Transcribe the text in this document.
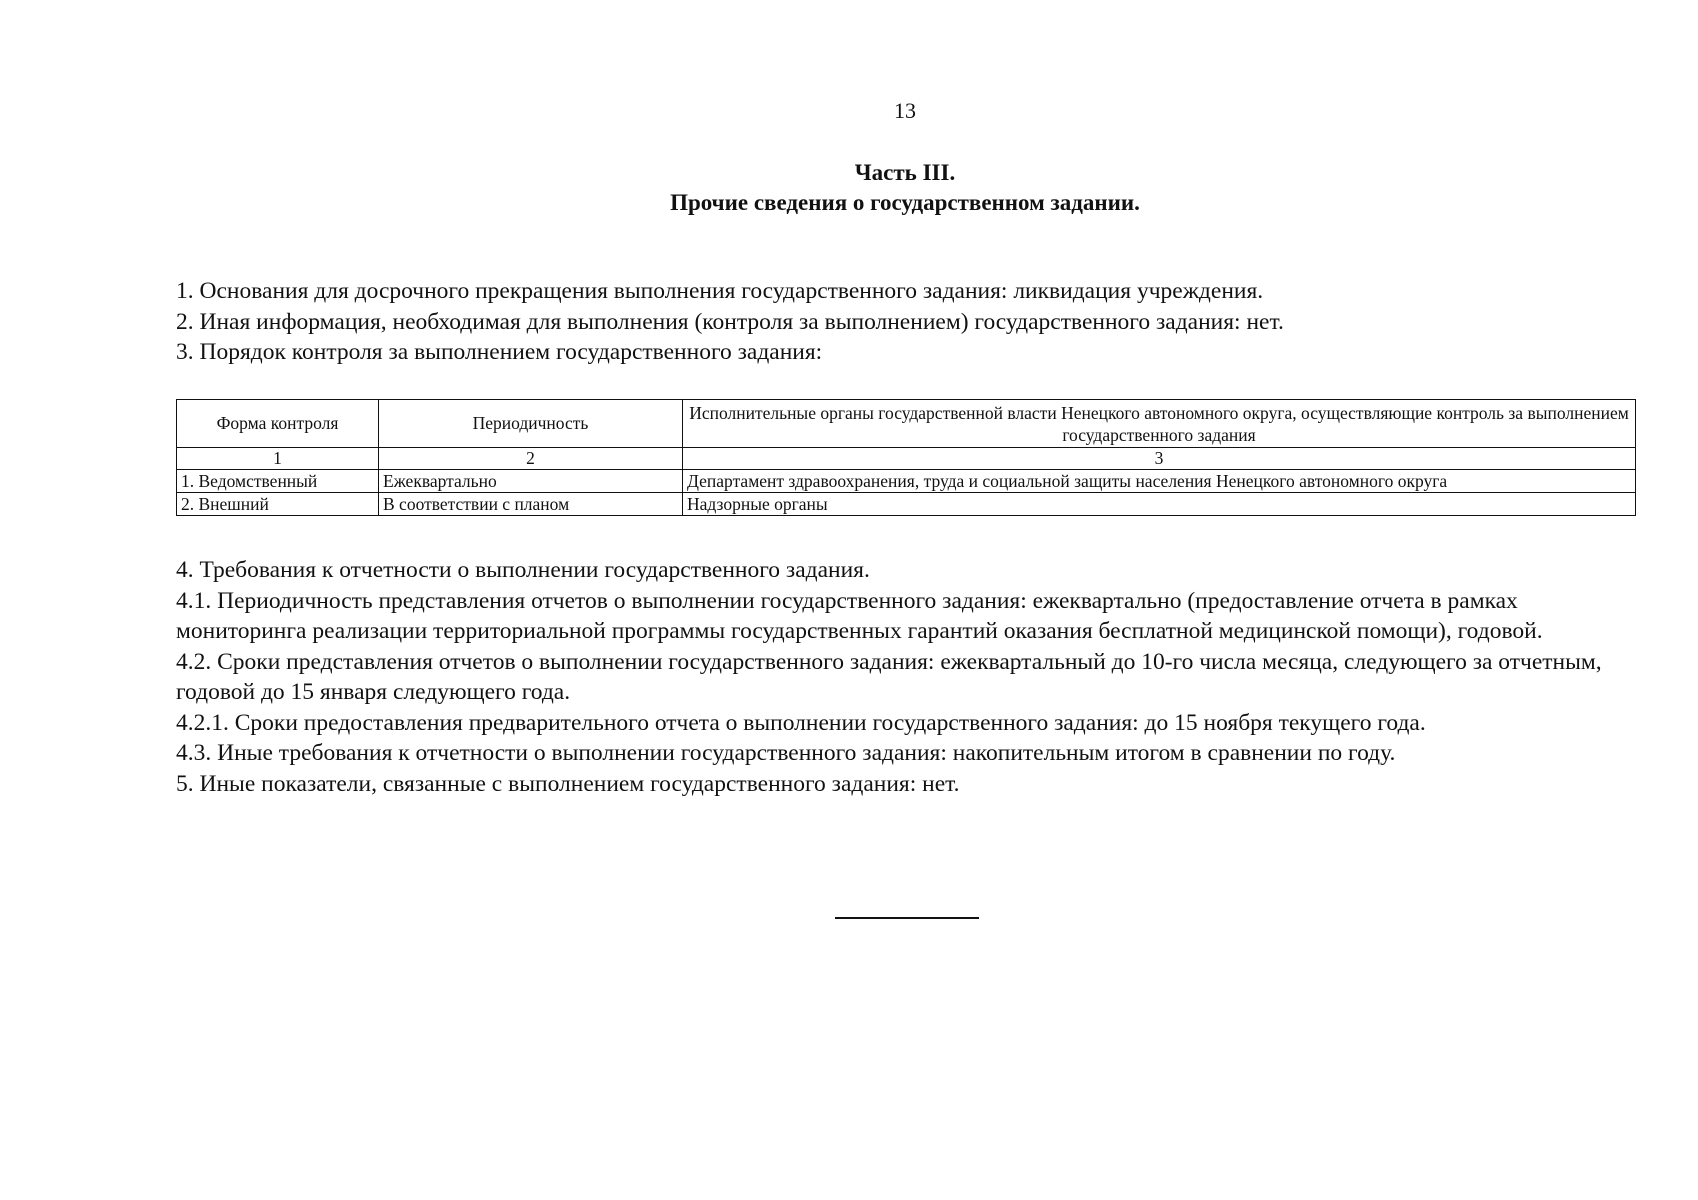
13
Часть III.
Прочие сведения о государственном задании.

1. Основания для досрочного прекращения выполнения государственного задания: ликвидация учреждения.

2. Иная информация, необходимая для выполнения (контроля за выполнением) государственного задания: нет.

3. Порядок контроля за выполнением государственного задания:

Форма контроля	Периодичность	Исполнительные органы государственной власти Ненецкого автономного округа, осуществляющие контроль за выполнением государственного задания
1	2	3
1. Ведомственный	Ежеквартально	Департамент здравоохранения, труда и социальной защиты населения Ненецкого автономного округа
2. Внешний	В соответствии с планом	Надзорные органы

4. Требования к отчетности о выполнении государственного задания.

4.1. Периодичность представления отчетов о выполнении государственного задания: ежеквартально (предоставление отчета в рамках мониторинга реализации территориальной программы государственных гарантий оказания бесплатной медицинской помощи), годовой.

4.2. Сроки представления отчетов о выполнении государственного задания: ежеквартальный до 10-го числа месяца, следующего за отчетным, годовой до 15 января следующего года.

4.2.1. Сроки предоставления предварительного отчета о выполнении государственного задания: до 15 ноября текущего года.

4.3. Иные требования к отчетности о выполнении государственного задания: накопительным итогом в сравнении по году.

5. Иные показатели, связанные с выполнением государственного задания: нет.
